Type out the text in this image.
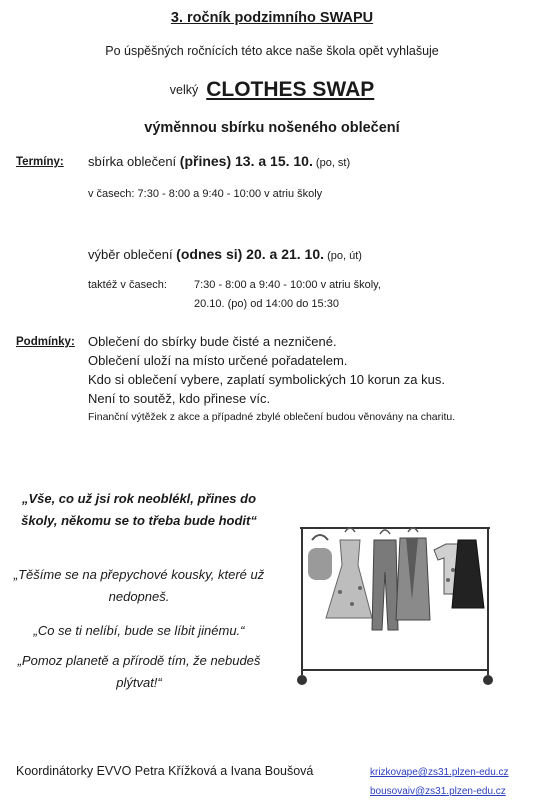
3. ročník podzimního SWAPU
Po úspěšných ročnících této akce naše škola opět vyhlašuje
velký CLOTHES SWAP
výměnnou sbírku nošeného oblečení
Termíny: sbírka oblečení (přines) 13. a 15. 10. (po, st)
v časech: 7:30 - 8:00 a 9:40 - 10:00 v atriu školy
výběr oblečení (odnes si) 20. a 21. 10. (po, út)
taktéž v časech: 7:30 - 8:00 a 9:40 - 10:00 v atriu školy,
20.10. (po) od 14:00 do 15:30
Podmínky: Oblečení do sbírky bude čisté a nezničené.
Oblečení uloží na místo určené pořadatelem.
Kdo si oblečení vybere, zaplatí symbolických 10 korun za kus.
Není to soutěž, kdo přinese víc.
Finanční výtěžek z akce a případné zbylé oblečení budou věnovány na charitu.
„Vše, co už jsi rok neoblékl, přines do školy, někomu se to třeba bude hodit“
„Těšíme se na přepychové kousky, které už nedopneš.
„Co se ti nelíbí, bude se líbit jinému.“
„Pomoz planetě a přírodě tím, že nebudeš plýtvat!“
Koordinátorky EVVO Petra Křížková a Ivana Boušová	krizkovape@zs31.plzen-edu.cz
bousovaiv@zs31.plzen-edu.cz
